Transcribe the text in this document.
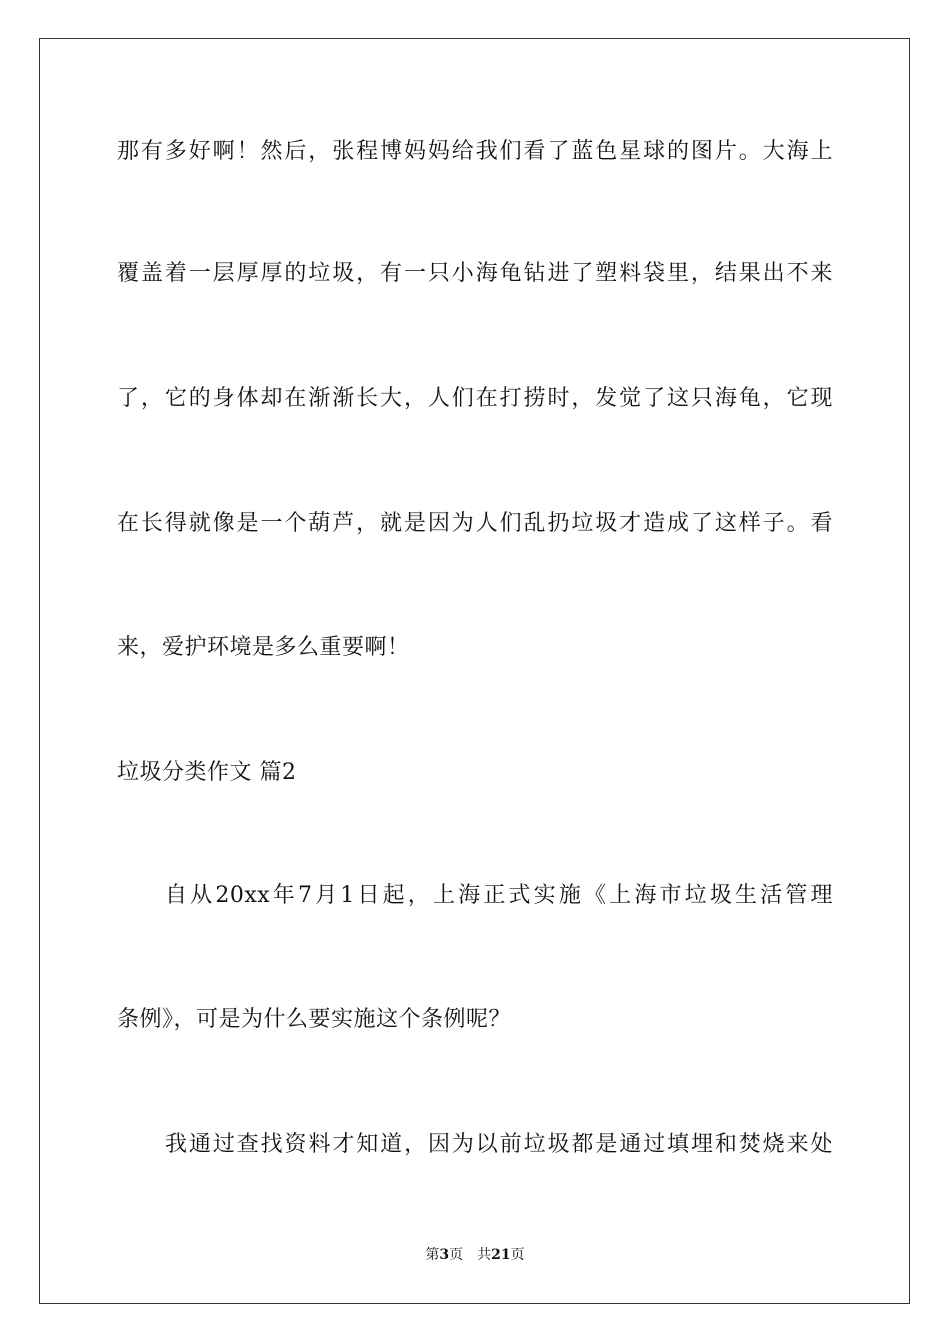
那有多好啊！然后，张程博妈妈给我们看了蓝色星球的图片。大海上
覆盖着一层厚厚的垃圾，有一只小海龟钻进了塑料袋里，结果出不来
了，它的身体却在渐渐长大，人们在打捞时，发觉了这只海龟，它现
在长得就像是一个葫芦，就是因为人们乱扔垃圾才造成了这样子。看
来，爱护环境是多么重要啊！
垃圾分类作文 篇2
自从20xx年7月1日起，上海正式实施《上海市垃圾生活管理
条例》，可是为什么要实施这个条例呢？
我通过查找资料才知道，因为以前垃圾都是通过填埋和焚烧来处
第3页 共21页
